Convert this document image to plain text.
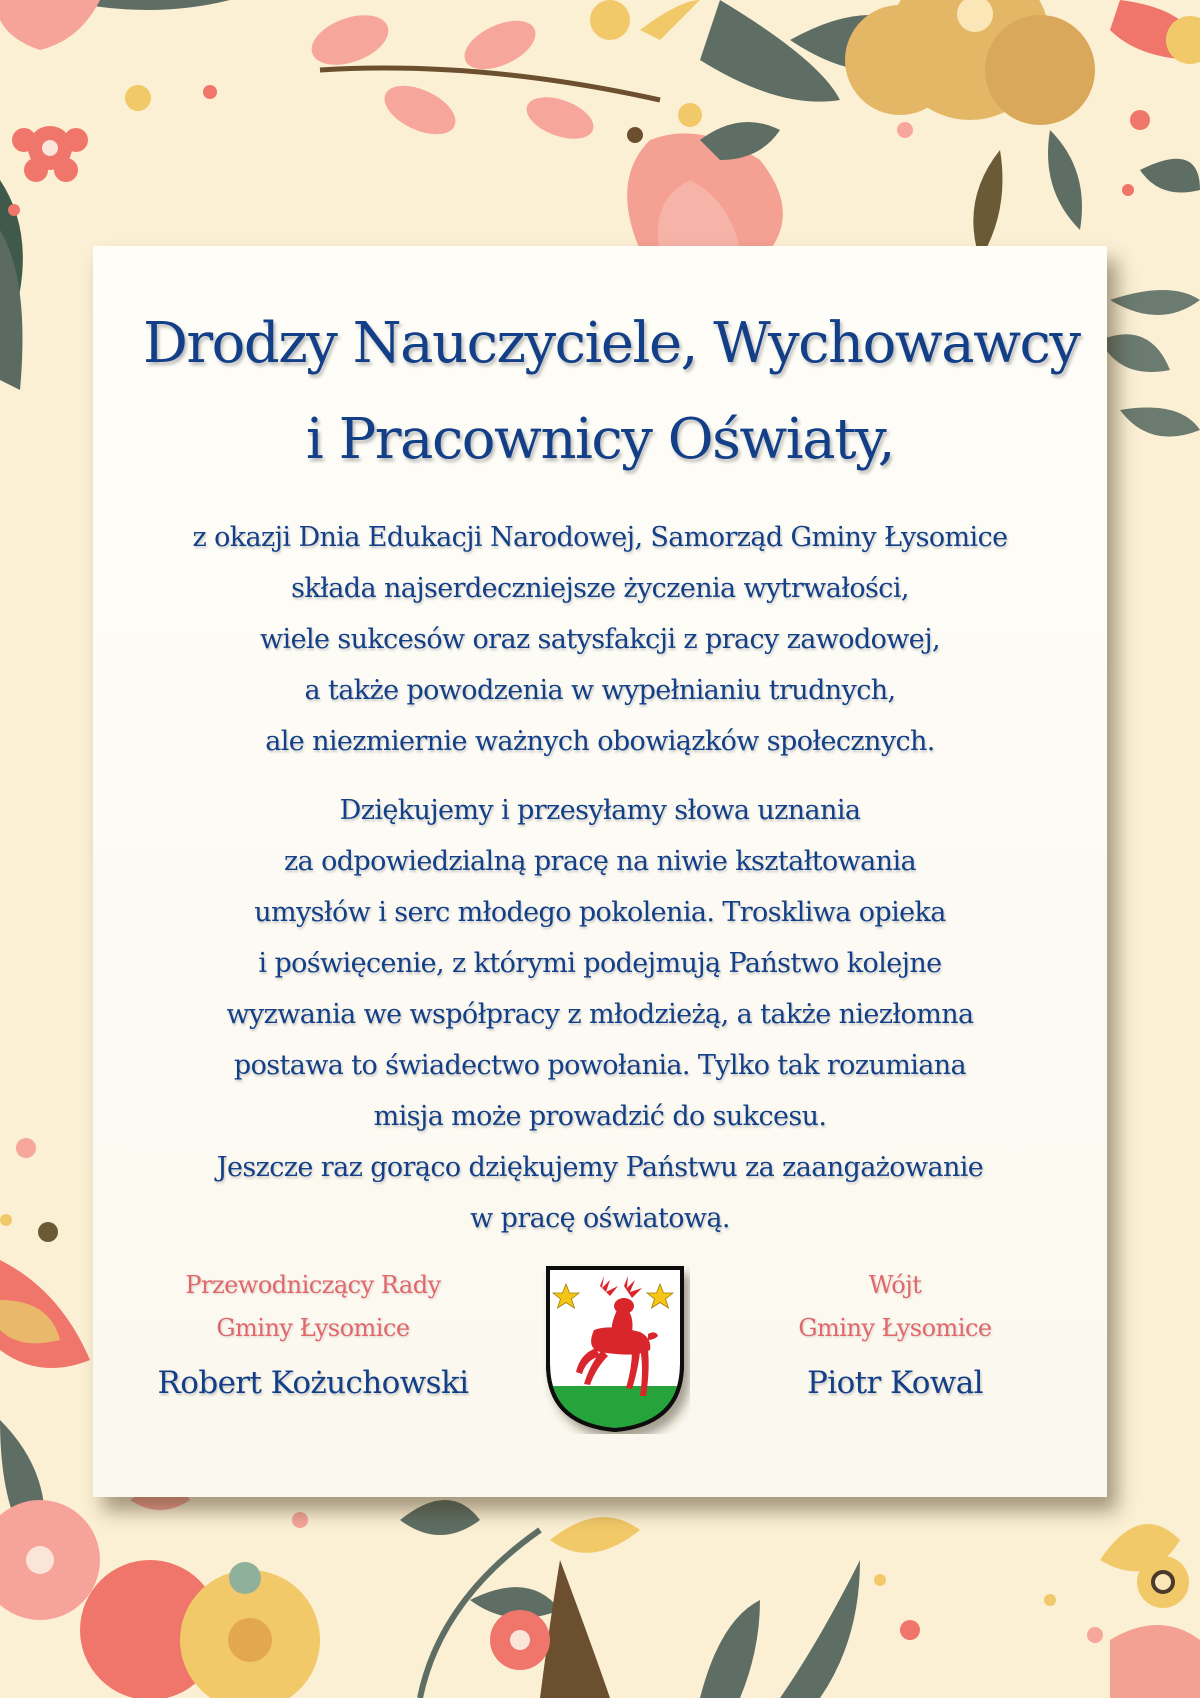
Drodzy Nauczyciele, Wychowawcy
i Pracownicy Oświaty,

z okazji Dnia Edukacji Narodowej, Samorząd Gminy Łysomice
składa najserdeczniejsze życzenia wytrwałości,
wiele sukcesów oraz satysfakcji z pracy zawodowej,
a także powodzenia w wypełnianiu trudnych,
ale niezmiernie ważnych obowiązków społecznych.

Dziękujemy i przesyłamy słowa uznania
za odpowiedzialną pracę na niwie kształtowania
umysłów i serc młodego pokolenia. Troskliwa opieka
i poświęcenie, z którymi podejmują Państwo kolejne
wyzwania we współpracy z młodzieżą, a także niezłomna
postawa to świadectwo powołania. Tylko tak rozumiana
misja może prowadzić do sukcesu.
Jeszcze raz gorąco dziękujemy Państwu za zaangażowanie
w pracę oświatową.

Przewodniczący Rady
Gminy Łysomice
Robert Kożuchowski
Wójt
Gminy Łysomice
Piotr Kowal
